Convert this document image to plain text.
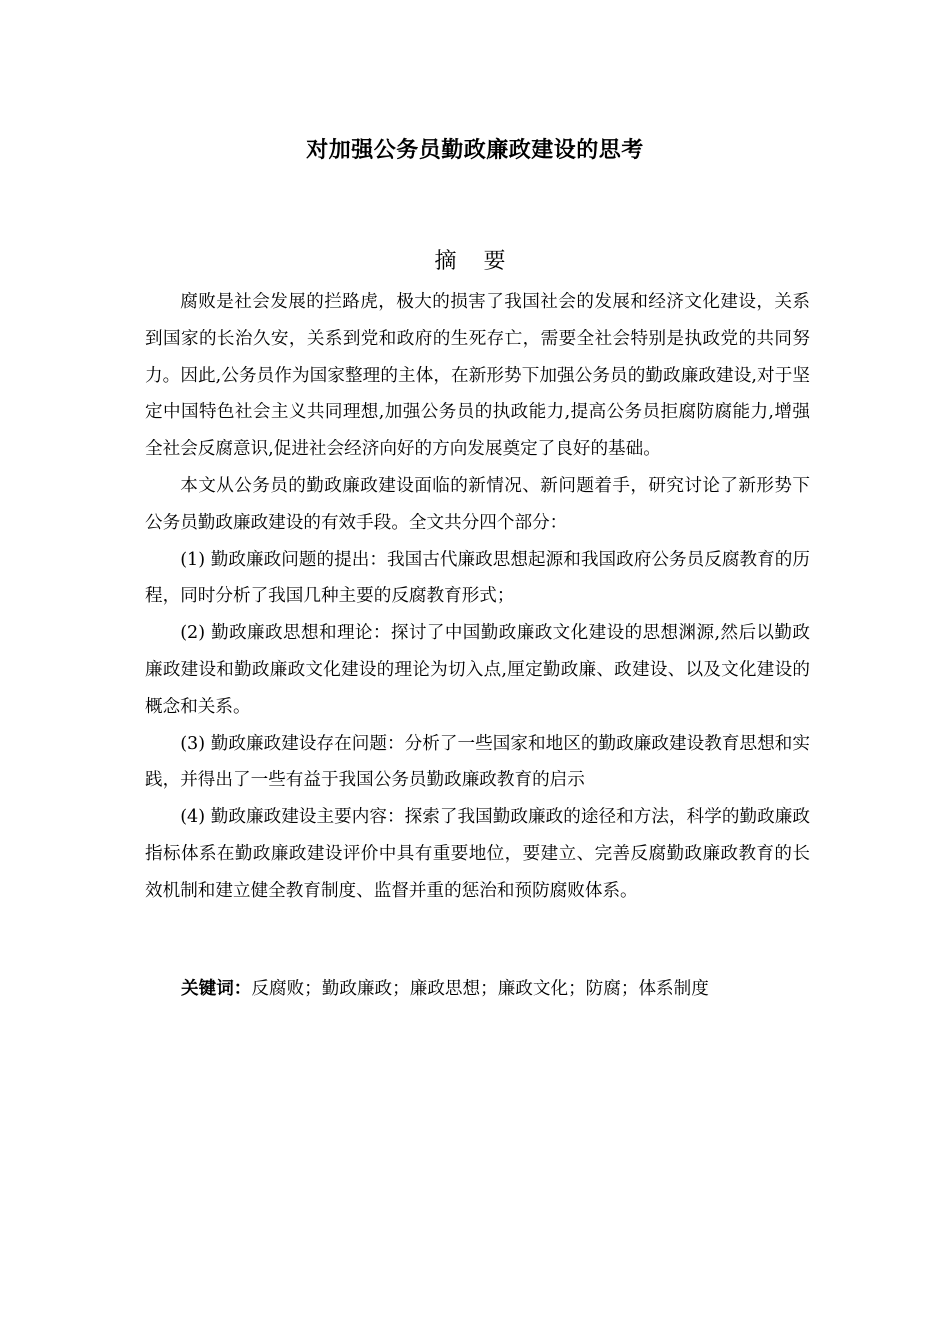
对加强公务员勤政廉政建设的思考
摘 要

腐败是社会发展的拦路虎，极大的损害了我国社会的发展和经济文化建设，关系到国家的长治久安，关系到党和政府的生死存亡，需要全社会特别是执政党的共同努力。因此,公务员作为国家整理的主体，在新形势下加强公务员的勤政廉政建设,对于坚定中国特色社会主义共同理想,加强公务员的执政能力,提高公务员拒腐防腐能力,增强全社会反腐意识,促进社会经济向好的方向发展奠定了良好的基础。

本文从公务员的勤政廉政建设面临的新情况、新问题着手，研究讨论了新形势下公务员勤政廉政建设的有效手段。全文共分四个部分：

(1) 勤政廉政问题的提出：我国古代廉政思想起源和我国政府公务员反腐教育的历程，同时分析了我国几种主要的反腐教育形式；

(2) 勤政廉政思想和理论：探讨了中国勤政廉政文化建设的思想渊源,然后以勤政廉政建设和勤政廉政文化建设的理论为切入点,厘定勤政廉、政建设、以及文化建设的概念和关系。

(3) 勤政廉政建设存在问题：分析了一些国家和地区的勤政廉政建设教育思想和实践，并得出了一些有益于我国公务员勤政廉政教育的启示

(4) 勤政廉政建设主要内容：探索了我国勤政廉政的途径和方法，科学的勤政廉政指标体系在勤政廉政建设评价中具有重要地位，要建立、完善反腐勤政廉政教育的长效机制和建立健全教育制度、监督并重的惩治和预防腐败体系。

关键词：反腐败；勤政廉政；廉政思想；廉政文化；防腐；体系制度
